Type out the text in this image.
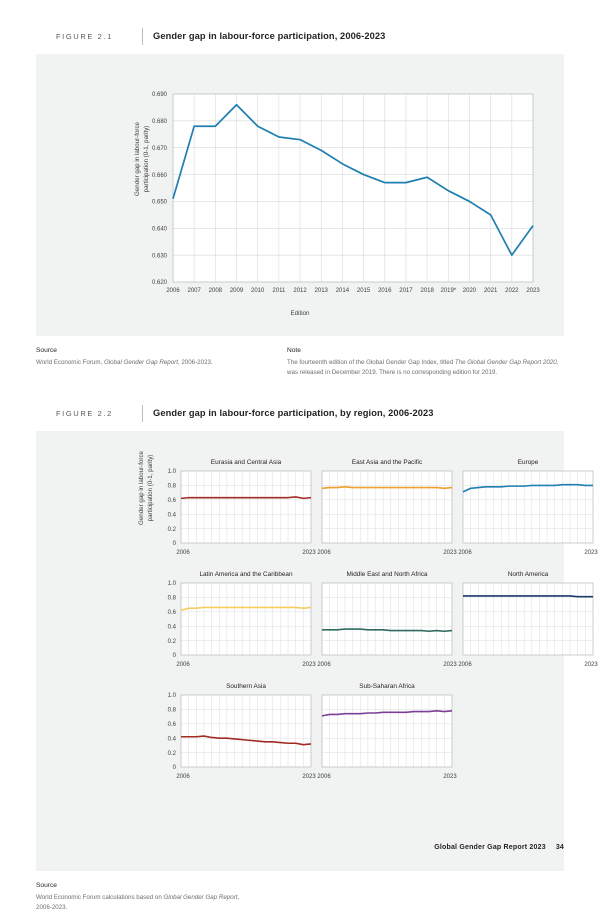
FIGURE 2.1	Gender gap in labour-force participation, 2006-2023
Gender gap in labour-force participation (0-1, parity)
0.620
0.630
0.640
0.650
0.660
0.670
0.680
0.690
2006 2007 2008 2009 2010 2011 2012 2013 2014 2015 2016 2017 2018 2019* 2020 2021 2022 2023
Edition
Source
World Economic Forum, Global Gender Gap Report, 2006-2023.
Note
The fourteenth edition of the Global Gender Gap Index, titled The Global Gender Gap Report 2020, was released in December 2019. There is no corresponding edition for 2019.
FIGURE 2.2	Gender gap in labour-force participation, by region, 2006-2023
Gender gap in labour-force participation (0-1, parity)	Eurasia and Central Asia
0
0.2
0.4
0.6
0.8
1.0
2006	2023
East Asia and the Pacific
2006	2023
Europe
2006	2023
Latin America and the Caribbean
0
0.2
0.4
0.6
0.8
1.0
2006	2023
Middle East and North Africa
2006	2023
North America
2006	2023
Southern Asia
0
0.2
0.4
0.6
0.8
1.0
2006	2023
Sub-Saharan Africa
2006	2023
Source
World Economic Forum calculations based on Global Gender Gap Report, 2006-2023.
Global Gender Gap Report 2023 34
